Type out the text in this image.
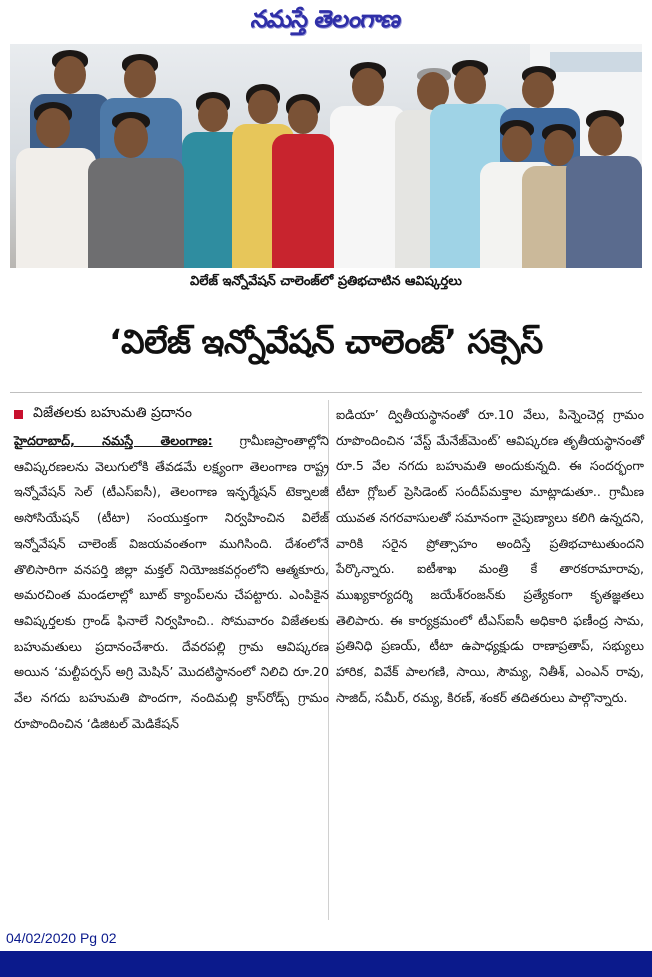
నమస్తే తెలంగాణ
విలేజ్ ఇన్నోవేషన్ చాలెంజ్‌లో ప్రతిభచాటిన ఆవిష్కర్తలు
‘విలేజ్ ఇన్నోవేషన్ చాలెంజ్’ సక్సెస్
విజేతలకు బహుమతి ప్రదానం
హైదరాబాద్, నమస్తే తెలంగాణ: గ్రామీణప్రాంతాల్లోని ఆవిష్కరణలను వెలుగులోకి తేవడమే లక్ష్యంగా తెలంగాణ రాష్ట్ర ఇన్నోవేషన్ సెల్ (టీఎస్ఐసీ), తెలంగాణ ఇన్ఫర్మేషన్ టెక్నాలజీ అసోసియేషన్ (టీటా) సంయుక్తంగా నిర్వహించిన విలేజ్ ఇన్నోవేషన్ చాలెంజ్ విజయవంతంగా ముగిసింది. దేశంలోనే తొలిసారిగా వనపర్తి జిల్లా మక్తల్ నియోజకవర్గంలోని ఆత్మకూరు, అమరచింత మండలాల్లో బూట్ క్యాంప్‌లను చేపట్టారు. ఎంపికైన ఆవిష్కర్తలకు గ్రాండ్ ఫినాలే నిర్వహించి.. సోమవారం విజేతలకు బహుమతులు ప్రదానంచేశారు. దేవరపల్లి గ్రామ ఆవిష్కరణ అయిన ‘మల్టీపర్పస్ అగ్రి మెషిన్’ మొదటిస్థానంలో నిలిచి రూ.20 వేల నగదు బహుమతి పొందగా, నందిమల్లి క్రాస్‌రోడ్స్ గ్రామం రూపొందించిన ‘డిజిటల్ మెడికేషన్
ఐడియా’ ద్వితీయస్థానంతో రూ.10 వేలు, పిన్నెంచెర్ల గ్రామం రూపొందించిన ‘వేస్ట్ మేనేజ్‌మెంట్’ ఆవిష్కరణ తృతీయస్థానంతో రూ.5 వేల నగదు బహుమతి అందుకున్నది. ఈ సందర్భంగా టీటా గ్లోబల్ ప్రెసిడెంట్ సందీప్‌మక్తాల మాట్లాడుతూ.. గ్రామీణ యువత నగరవాసులతో సమానంగా నైపుణ్యాలు కలిగి ఉన్నదని, వారికి సరైన ప్రోత్సాహం అందిస్తే ప్రతిభచాటుతుందని పేర్కొన్నారు. ఐటీశాఖ మంత్రి కే తారకరామారావు, ముఖ్యకార్యదర్శి జయేశ్‌రంజన్‌కు ప్రత్యేకంగా కృతజ్ఞతలు తెలిపారు. ఈ కార్యక్రమంలో టీఎస్ఐసీ అధికారి ఫణీంద్ర సామ, ప్రతినిధి ప్రణయ్, టీటా ఉపాధ్యక్షుడు రాణాప్రతాప్, సభ్యులు హారిక, వివేక్ పాలగణి, సాయి, సౌమ్య, నితీశ్, ఎంఎన్ రావు, సాజిద్, సమీర్, రమ్య, కిరణ్, శంకర్ తదితరులు పాల్గొన్నారు.
04/02/2020 Pg 02
